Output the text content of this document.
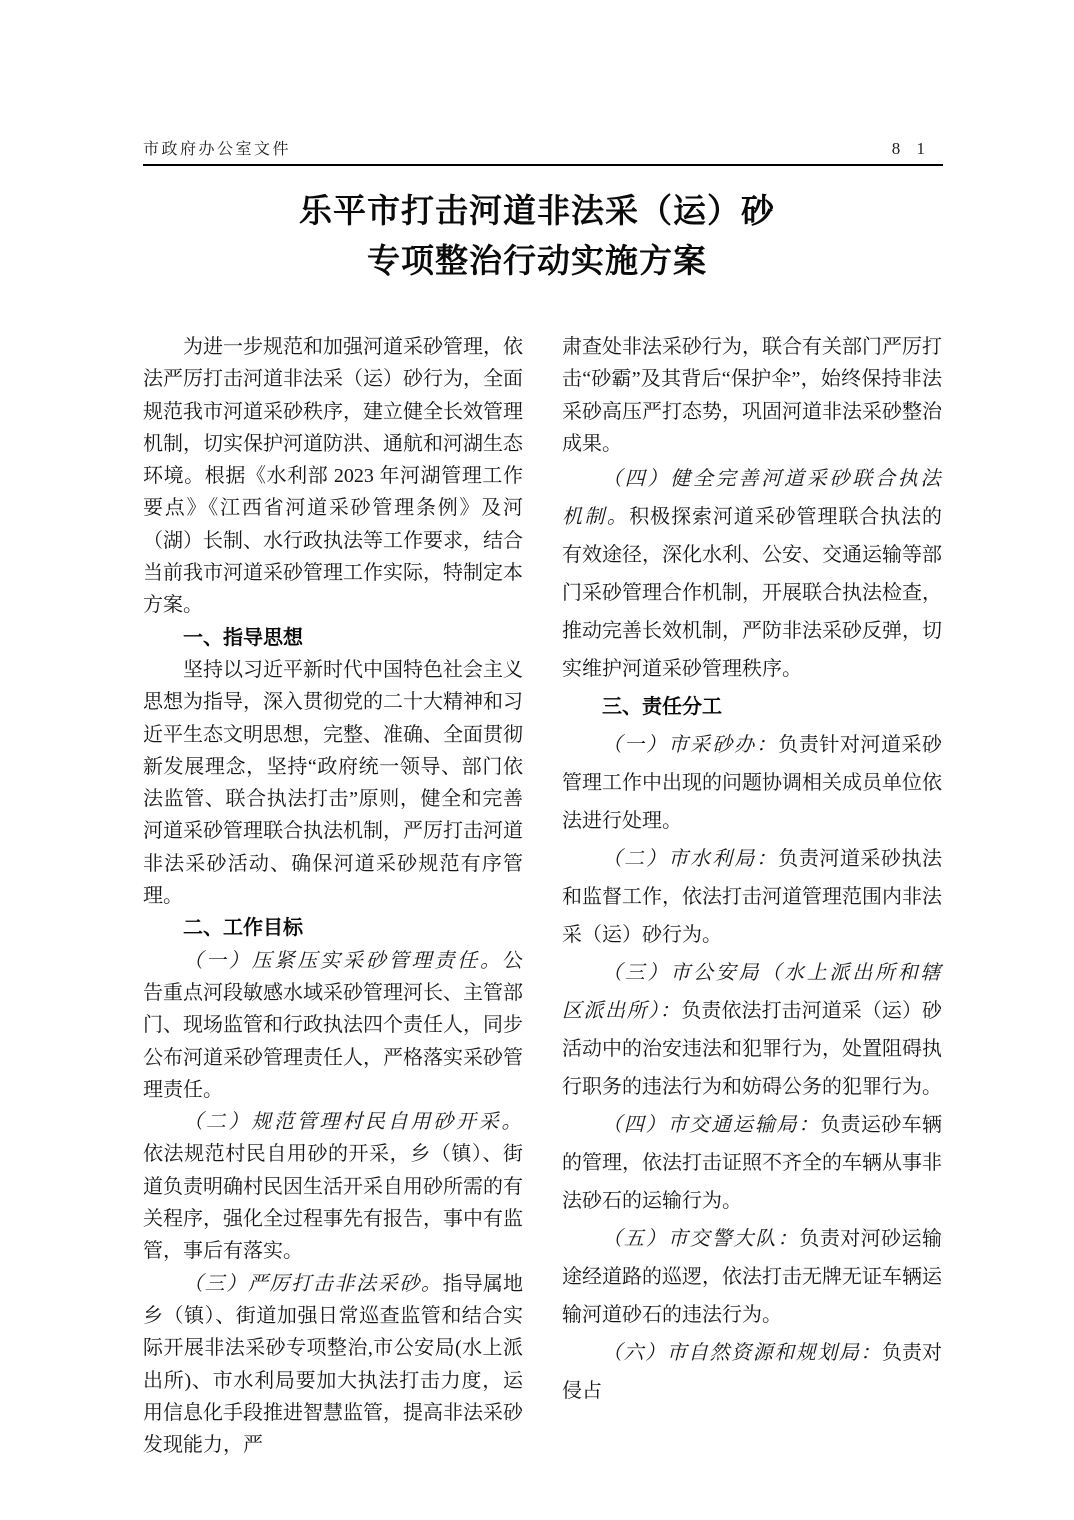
市政府办公室文件	8 1
乐平市打击河道非法采（运）砂
专项整治行动实施方案

为进一步规范和加强河道采砂管理，依法严厉打击河道非法采（运）砂行为，全面规范我市河道采砂秩序，建立健全长效管理机制，切实保护河道防洪、通航和河湖生态环境。根据《水利部 2023 年河湖管理工作要点》《江西省河道采砂管理条例》及河（湖）长制、水行政执法等工作要求，结合当前我市河道采砂管理工作实际，特制定本方案。

一、指导思想

坚持以习近平新时代中国特色社会主义思想为指导，深入贯彻党的二十大精神和习近平生态文明思想，完整、准确、全面贯彻新发展理念，坚持“政府统一领导、部门依法监管、联合执法打击”原则，健全和完善河道采砂管理联合执法机制，严厉打击河道非法采砂活动、确保河道采砂规范有序管理。

二、工作目标

（一）压紧压实采砂管理责任。公告重点河段敏感水域采砂管理河长、主管部门、现场监管和行政执法四个责任人，同步公布河道采砂管理责任人，严格落实采砂管理责任。

（二）规范管理村民自用砂开采。依法规范村民自用砂的开采，乡（镇）、街道负责明确村民因生活开采自用砂所需的有关程序，强化全过程事先有报告，事中有监管，事后有落实。

（三）严厉打击非法采砂。指导属地乡（镇）、街道加强日常巡查监管和结合实际开展非法采砂专项整治,市公安局(水上派出所)、市水利局要加大执法打击力度，运用信息化手段推进智慧监管，提高非法采砂发现能力，严

肃查处非法采砂行为，联合有关部门严厉打击“砂霸”及其背后“保护伞”，始终保持非法采砂高压严打态势，巩固河道非法采砂整治成果。

（四）健全完善河道采砂联合执法机制。积极探索河道采砂管理联合执法的有效途径，深化水利、公安、交通运输等部门采砂管理合作机制，开展联合执法检查，推动完善长效机制，严防非法采砂反弹，切实维护河道采砂管理秩序。

三、责任分工

（一）市采砂办：负责针对河道采砂管理工作中出现的问题协调相关成员单位依法进行处理。

（二）市水利局：负责河道采砂执法和监督工作，依法打击河道管理范围内非法采（运）砂行为。

（三）市公安局（水上派出所和辖区派出所）：负责依法打击河道采（运）砂活动中的治安违法和犯罪行为，处置阻碍执行职务的违法行为和妨碍公务的犯罪行为。

（四）市交通运输局：负责运砂车辆的管理，依法打击证照不齐全的车辆从事非法砂石的运输行为。

（五）市交警大队：负责对河砂运输途经道路的巡逻，依法打击无牌无证车辆运输河道砂石的违法行为。

（六）市自然资源和规划局：负责对侵占
